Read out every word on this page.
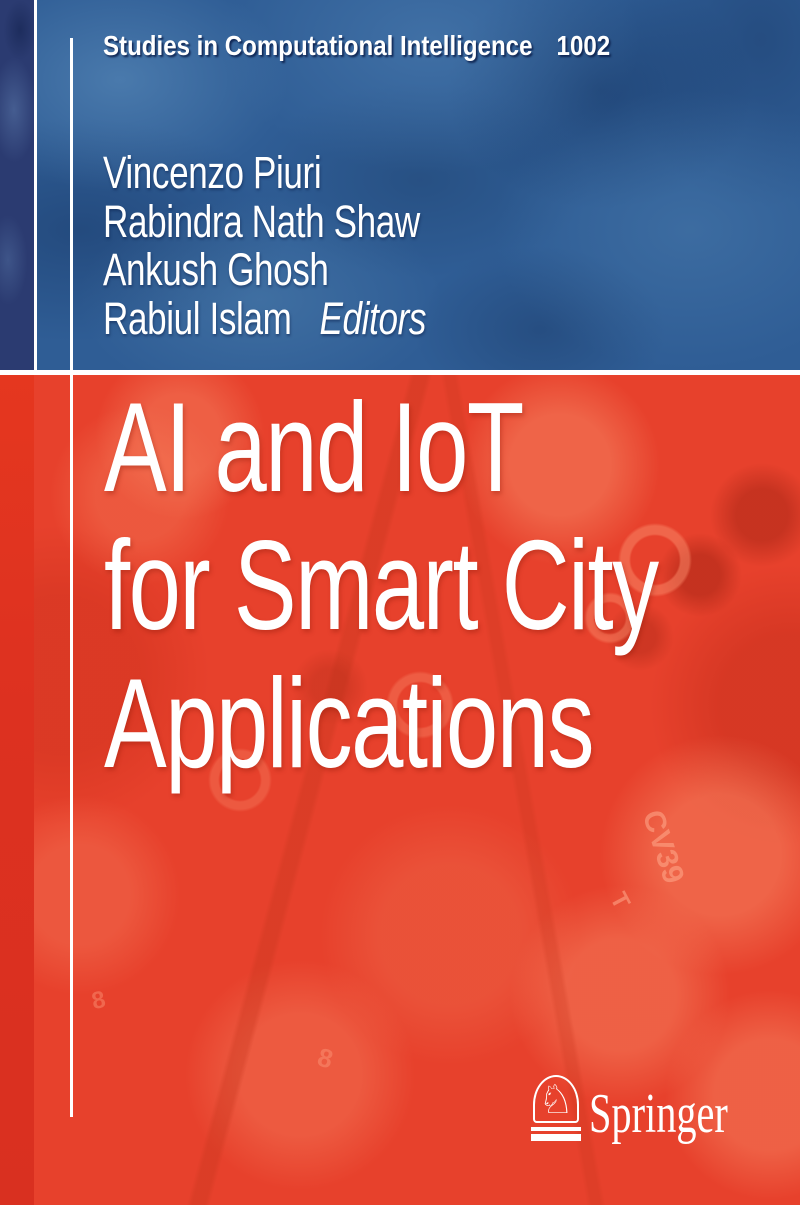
CV39
T
8
8
Studies in Computational Intelligence 1002
Vincenzo Piuri
Rabindra Nath Shaw
Ankush Ghosh
Rabiul Islam Editors
AI and IoT
for Smart City
Applications
♘ Springer
